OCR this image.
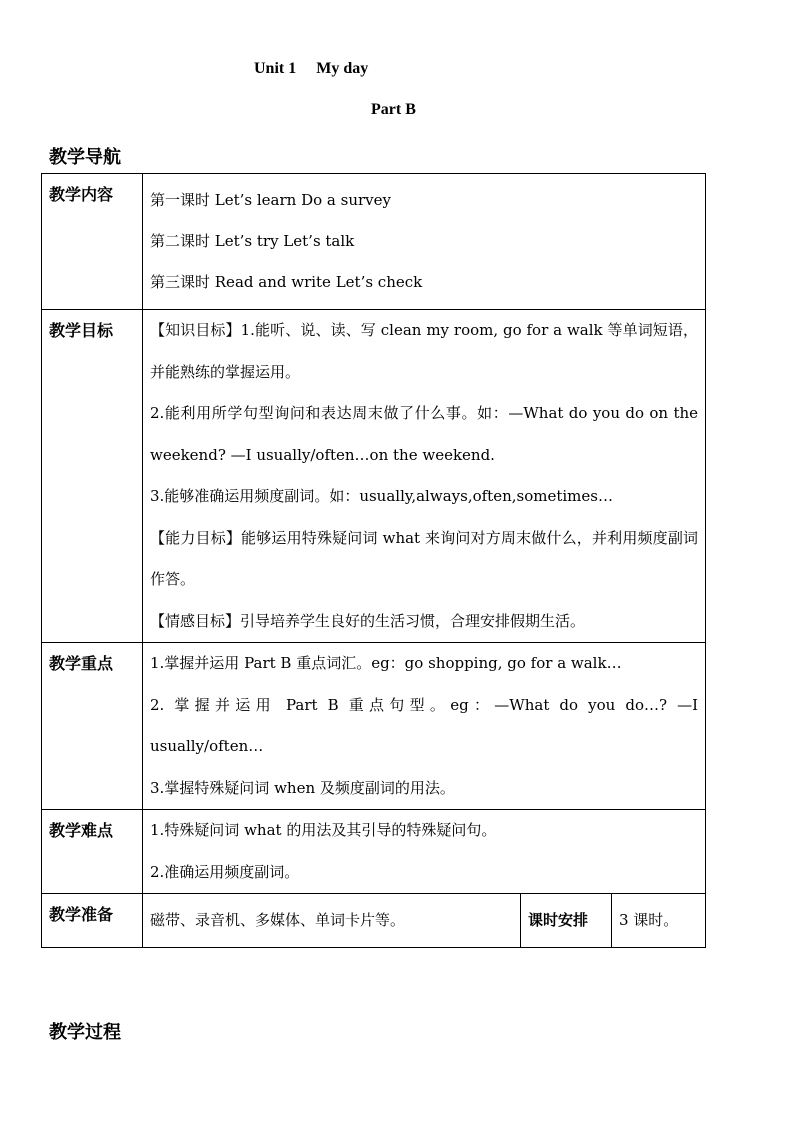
Unit 1     My day
Part B
教学导航
教学内容	第一课时 Let’s learn Do a survey
第二课时 Let’s try Let’s talk
第三课时 Read and write Let’s check		

教学目标	【知识目标】1.能听、说、读、写 clean my room, go for a walk 等单词短语，并能熟练的掌握运用。
2.能利用所学句型询问和表达周末做了什么事。如：—What do you do on the weekend? —I usually/often…on the weekend.
3.能够准确运用频度副词。如：usually,always,often,sometimes…
【能力目标】能够运用特殊疑问词 what 来询问对方周末做什么，并利用频度副词作答。
【情感目标】引导培养学生良好的生活习惯，合理安排假期生活。		

教学重点	1.掌握并运用 Part B 重点词汇。eg：go shopping, go for a walk…
2. 掌握并运用 Part B 重点句型。eg：—What do you do…? —I usually/often…
3.掌握特殊疑问词 when 及频度副词的用法。		

教学难点	1.特殊疑问词 what 的用法及其引导的特殊疑问句。
2.准确运用频度副词。		

教学准备	磁带、录音机、多媒体、单词卡片等。	课时安排	3 课时。
教学过程
